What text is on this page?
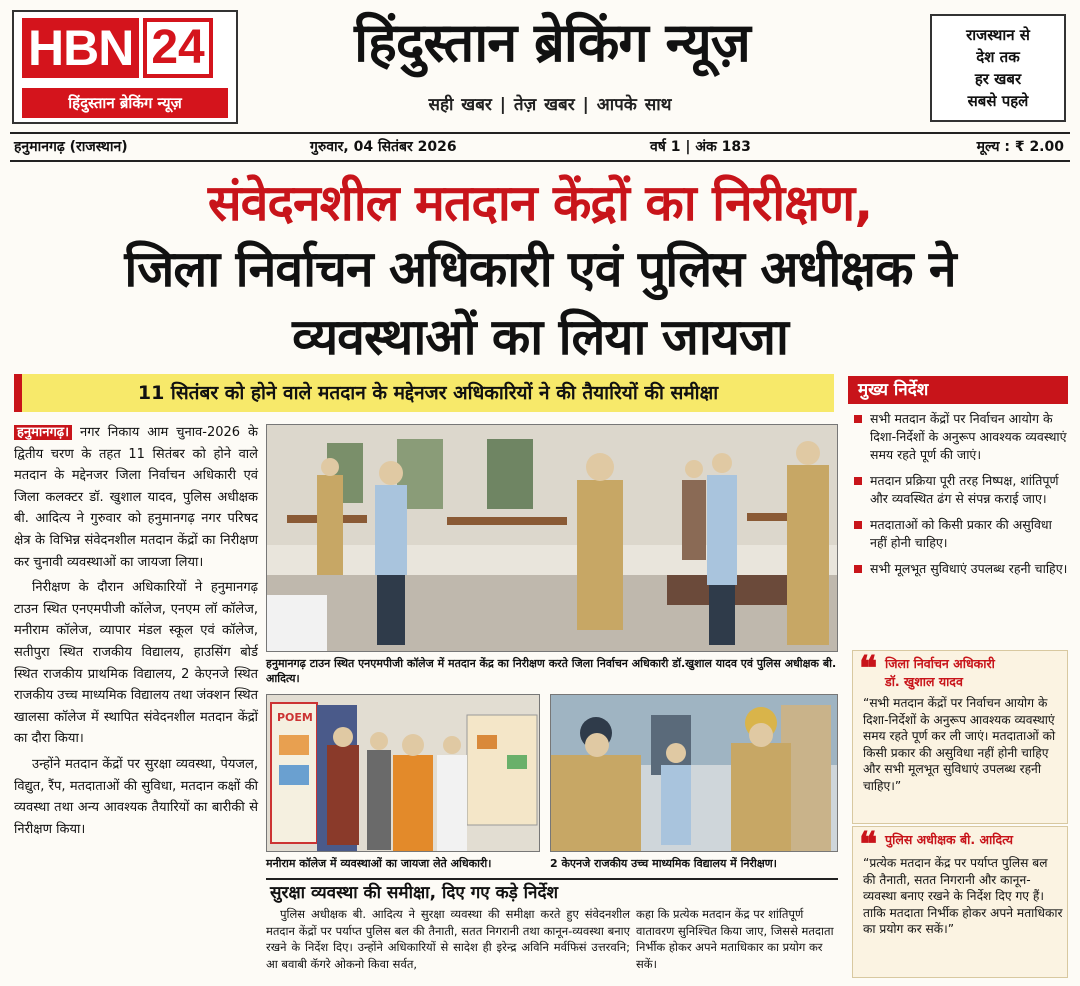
HBN 24
हिंदुस्तान ब्रेकिंग न्यूज़
हिंदुस्तान ब्रेकिंग न्यूज़
सही खबर | तेज़ खबर | आपके साथ
राजस्थान से
देश तक
हर खबर
सबसे पहले
हनुमानगढ़ (राजस्थान)	गुरुवार, 04 सितंबर 2026	वर्ष 1 | अंक 183	मूल्य : ₹ 2.00
संवेदनशील मतदान केंद्रों का निरीक्षण,
जिला निर्वाचन अधिकारी एवं पुलिस अधीक्षक ने
व्यवस्थाओं का लिया जायजा
11 सितंबर को होने वाले मतदान के मद्देनजर अधिकारियों ने की तैयारियों की समीक्षा

हनुमानगढ़। नगर निकाय आम चुनाव-2026 के द्वितीय चरण के तहत 11 सितंबर को होने वाले मतदान के मद्देनजर जिला निर्वाचन अधिकारी एवं जिला कलक्टर डॉ. खुशाल यादव, पुलिस अधीक्षक बी. आदित्य ने गुरुवार को हनुमानगढ़ नगर परिषद क्षेत्र के विभिन्न संवेदनशील मतदान केंद्रों का निरीक्षण कर चुनावी व्यवस्थाओं का जायजा लिया।

निरीक्षण के दौरान अधिकारियों ने हनुमानगढ़ टाउन स्थित एनएमपीजी कॉलेज, एनएम लॉ कॉलेज, मनीराम कॉलेज, व्यापार मंडल स्कूल एवं कॉलेज, सतीपुरा स्थित राजकीय विद्यालय, हाउसिंग बोर्ड स्थित राजकीय प्राथमिक विद्यालय, 2 केएनजे स्थित राजकीय उच्च माध्यमिक विद्यालय तथा जंक्शन स्थित खालसा कॉलेज में स्थापित संवेदनशील मतदान केंद्रों का दौरा किया।

उन्होंने मतदान केंद्रों पर सुरक्षा व्यवस्था, पेयजल, विद्युत, रैंप, मतदाताओं की सुविधा, मतदान कक्षों की व्यवस्था तथा अन्य आवश्यक तैयारियों का बारीकी से निरीक्षण किया।

हनुमानगढ़ टाउन स्थित एनएमपीजी कॉलेज में मतदान केंद्र का निरीक्षण करते जिला निर्वाचन अधिकारी डॉ.खुशाल यादव एवं पुलिस अधीक्षक बी. आदित्य।
POEM
मनीराम कॉलेज में व्यवस्थाओं का जायजा लेते अधिकारी।	2 केएनजे राजकीय उच्च माध्यमिक विद्यालय में निरीक्षण।
सुरक्षा व्यवस्था की समीक्षा, दिए गए कड़े निर्देश
पुलिस अधीक्षक बी. आदित्य ने सुरक्षा व्यवस्था की समीक्षा करते हुए संवेदनशील मतदान केंद्रों पर पर्याप्त पुलिस बल की तैनाती, सतत निगरानी तथा कानून-व्यवस्था बनाए रखने के निर्देश दिए। उन्होंने अधिकारियों से सादेश ही इरेन्द्र अविनि मर्वफिसं उत्तरवनि; आ बवाबी कॅगरे ओकनो किवा सर्वत,
कहा कि प्रत्येक मतदान केंद्र पर शांतिपूर्ण वातावरण सुनिश्चित किया जाए, जिससे मतदाता निर्भीक होकर अपने मताधिकार का प्रयोग कर सकें।
मुख्य निर्देश
सभी मतदान केंद्रों पर निर्वाचन आयोग के दिशा-निर्देशों के अनुरूप आवश्यक व्यवस्थाएं समय रहते पूर्ण की जाएं।
मतदान प्रक्रिया पूरी तरह निष्पक्ष, शांतिपूर्ण और व्यवस्थित ढंग से संपन्न कराई जाए।
मतदाताओं को किसी प्रकार की असुविधा नहीं होनी चाहिए।
सभी मूलभूत सुविधाएं उपलब्ध रहनी चाहिए।
❝ जिला निर्वाचन अधिकारी
डॉ. खुशाल यादव
“सभी मतदान केंद्रों पर निर्वाचन आयोग के दिशा-निर्देशों के अनुरूप आवश्यक व्यवस्थाएं समय रहते पूर्ण कर ली जाएं। मतदाताओं को किसी प्रकार की असुविधा नहीं होनी चाहिए और सभी मूलभूत सुविधाएं उपलब्ध रहनी चाहिए।”
❝ पुलिस अधीक्षक बी. आदित्य
“प्रत्येक मतदान केंद्र पर पर्याप्त पुलिस बल की तैनाती, सतत निगरानी और कानून-व्यवस्था बनाए रखने के निर्देश दिए गए हैं। ताकि मतदाता निर्भीक होकर अपने मताधिकार का प्रयोग कर सकें।”
